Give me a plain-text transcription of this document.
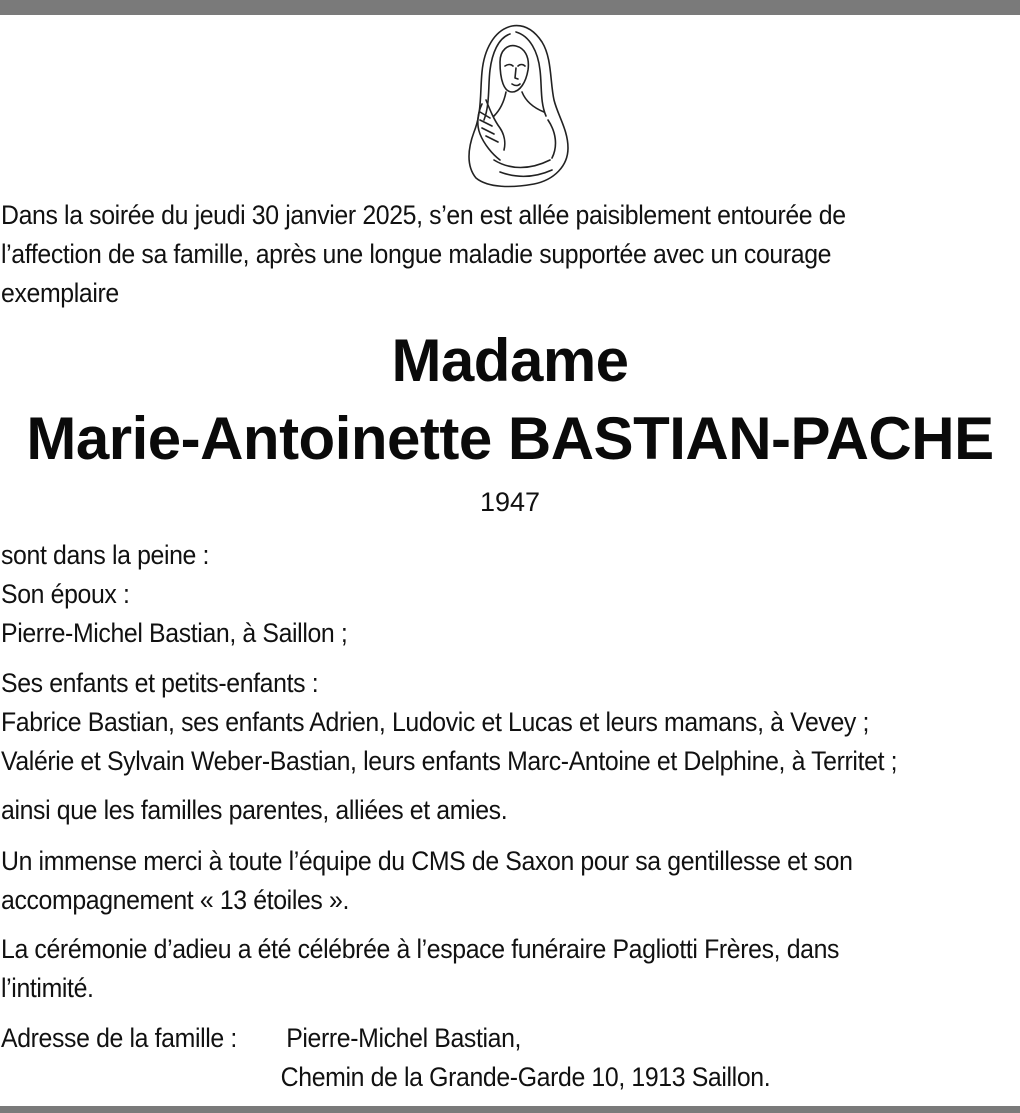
Dans la soirée du jeudi 30 janvier 2025, s’en est allée paisiblement entourée de
l’affection de sa famille, après une longue maladie supportée avec un courage
exemplaire

Madame
Marie-Antoinette BASTIAN-PACHE

1947

sont dans la peine :
Son époux :
Pierre-Michel Bastian, à Saillon ;

Ses enfants et petits-enfants :
Fabrice Bastian, ses enfants Adrien, Ludovic et Lucas et leurs mamans, à Vevey ;
Valérie et Sylvain Weber-Bastian, leurs enfants Marc-Antoine et Delphine, à Territet ;

ainsi que les familles parentes, alliées et amies.

Un immense merci à toute l’équipe du CMS de Saxon pour sa gentillesse et son
accompagnement « 13 étoiles ».

La cérémonie d’adieu a été célébrée à l’espace funéraire Pagliotti Frères, dans
l’intimité.

Adresse de la famille : Pierre-Michel Bastian,
Chemin de la Grande-Garde 10, 1913 Saillon.
